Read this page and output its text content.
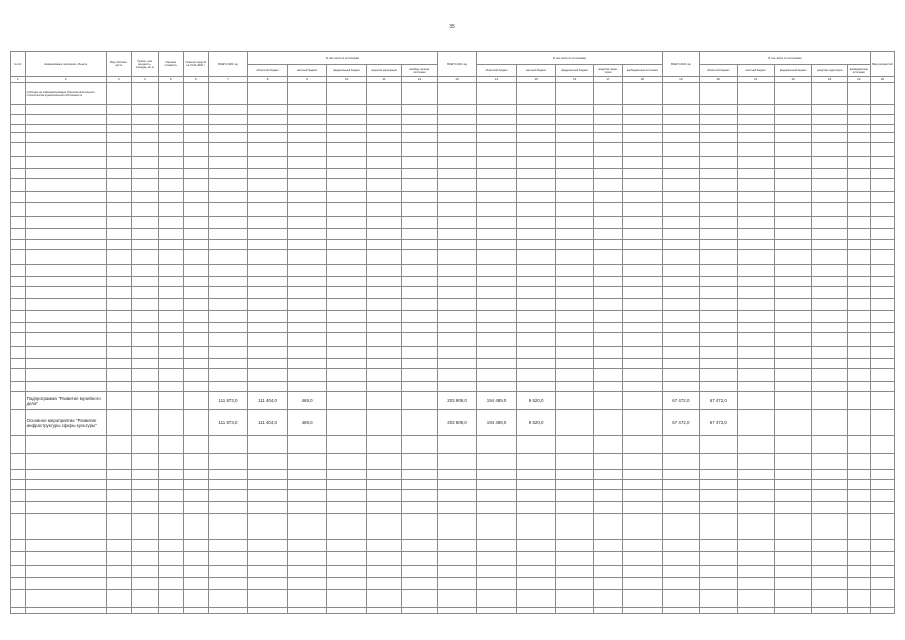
35
№ п/п	Наименование поселения, объекта	Вид собствен- ности	Проект- ная мощность, площадь, кв. м	Сметная стоимость	Освоено средств на 01.01.2020 г.	ВСЕГО 2020 год	В том числе по источникам					ВСЕГО 2021 год	В том числе по источникам					ВСЕГО 2022 год	В том числе по источникам					Ввод мощностей
							областной бюджет	местный бюджет	федеральный бюджет	средства корпорации	внебюд- жетные источники		областной бюджет	местный бюджет	федеральный бюджет	средства терри- тории	внебюджетные источники		областной бюджет	местный бюджет	федеральный бюджет	средства территории	внебюджетные источники	
1	2	3	4	5	6	7	8	9	10	11	12	13	14	15	16	17	18	19	20	21	22	23	24	25
	Субсидии на софинансирование объектов капитального строительства муниципальной собственности																							

	Подпрограмма "Развитие музейного дела"					111 873,0	111 404,0	469,0				203 909,0	194 489,0	9 520,0				67 472,0	67 472,0					
	Основное мероприятие "Развитие инфраструктуры сферы культуры"					111 873,0	111 404,0	469,0				203 909,0	194 489,0	9 520,0				67 472,0	67 472,0					
